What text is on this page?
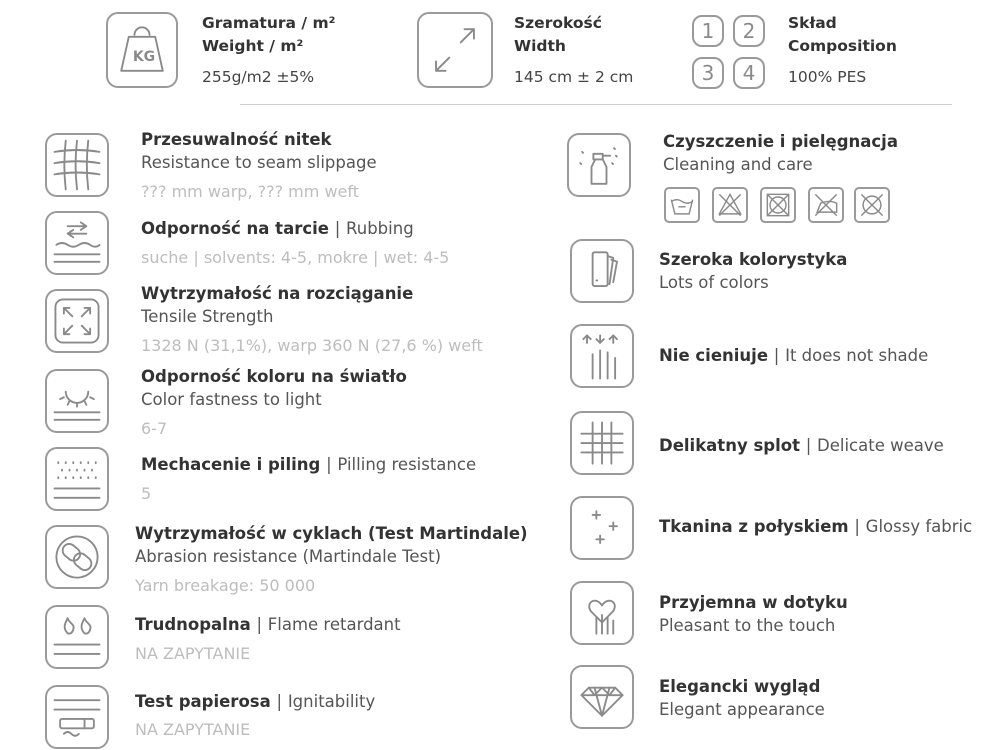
KG
Gramatura / m²
Weight / m²
255g/m2 ±5%
Szerokość
Width
145 cm ± 2 cm
1	2
3	4
Skład
Composition
100% PES
Przesuwalność nitek
Resistance to seam slippage
??? mm warp, ??? mm weft
Odporność na tarcie | Rubbing
suche | solvents: 4-5, mokre | wet: 4-5
Wytrzymałość na rozciąganie
Tensile Strength
1328 N (31,1%), warp 360 N (27,6 %) weft
Odporność koloru na światło
Color fastness to light
6-7
Mechacenie i piling | Pilling resistance
5
Wytrzymałość w cyklach (Test Martindale)
Abrasion resistance (Martindale Test)
Yarn breakage: 50 000
Trudnopalna | Flame retardant
NA ZAPYTANIE
Test papierosa | Ignitability
NA ZAPYTANIE
Czyszczenie i pielęgnacja
Cleaning and care
Szeroka kolorystyka
Lots of colors
Nie cieniuje | It does not shade
Delikatny splot | Delicate weave
Tkanina z połyskiem | Glossy fabric
Przyjemna w dotyku
Pleasant to the touch
Elegancki wygląd
Elegant appearance
